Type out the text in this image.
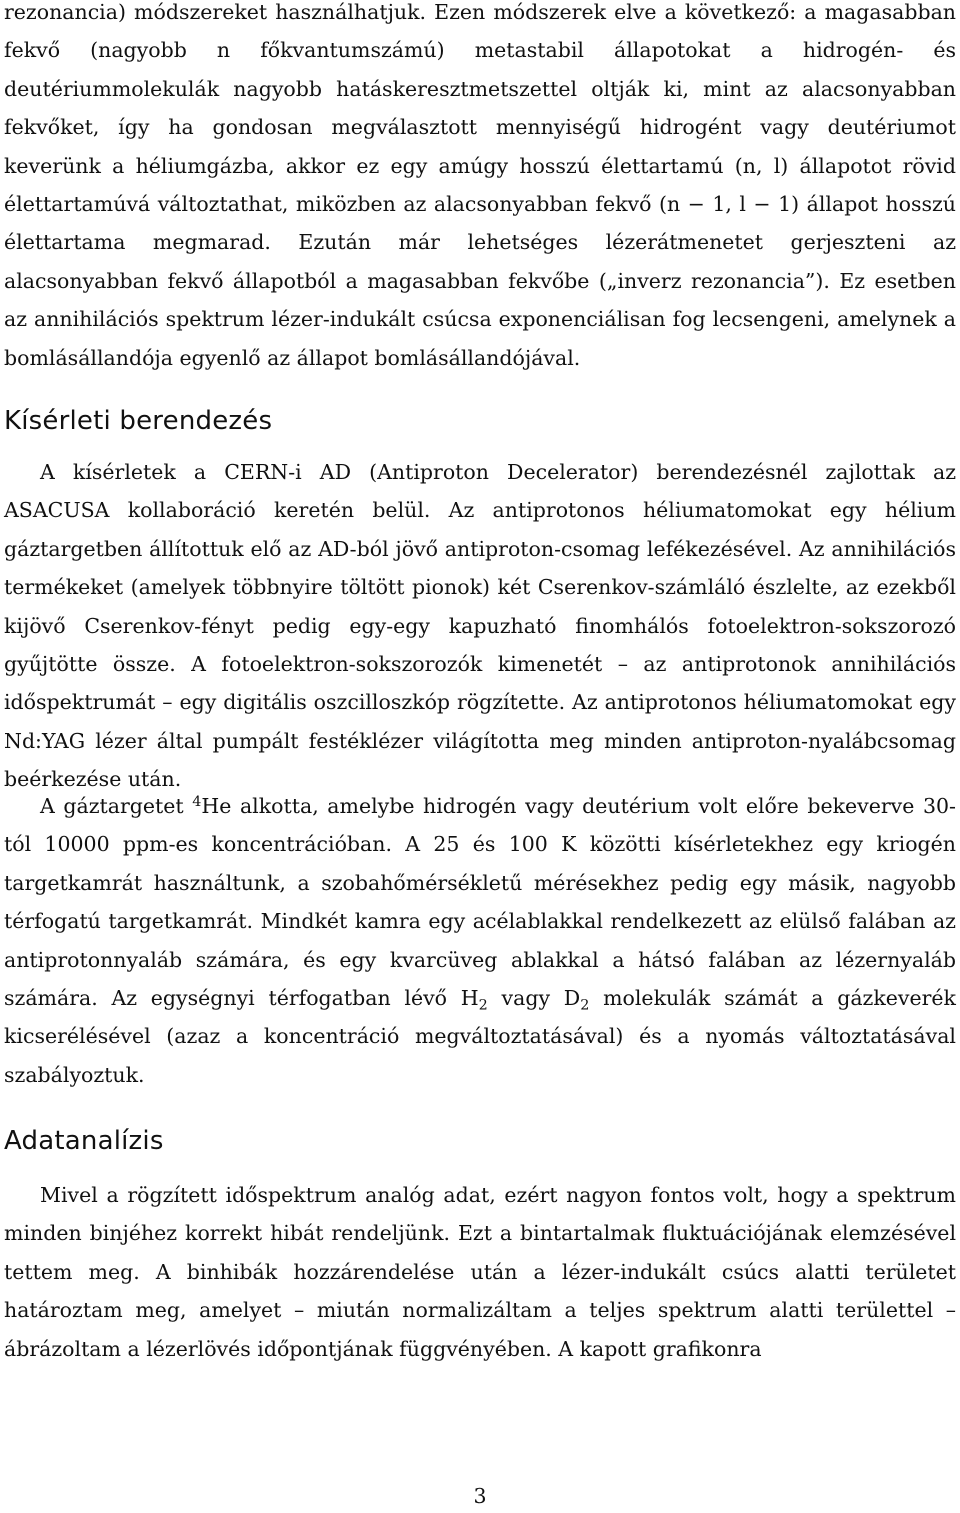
rezonancia) módszereket használhatjuk. Ezen módszerek elve a következő: a magasabban fekvő (nagyobb n főkvantumszámú) metastabil állapotokat a hidrogén- és deutériummolekulák nagyobb hatáskeresztmetszettel oltják ki, mint az alacsonyabban fekvőket, így ha gondosan megválasztott mennyiségű hidrogént vagy deutériumot keverünk a héliumgázba, akkor ez egy amúgy hosszú élettartamú (n, l) állapotot rövid élettartamúvá változtathat, miközben az alacsonyabban fekvő (n − 1, l − 1) állapot hosszú élettartama megmarad. Ezután már lehetséges lézerátmenetet gerjeszteni az alacsonyabban fekvő állapotból a magasabban fekvőbe („inverz rezonancia”). Ez esetben az annihilációs spektrum lézer-indukált csúcsa exponenciálisan fog lecsengeni, amelynek a bomlásállandója egyenlő az állapot bomlásállandójával.

Kísérleti berendezés

A kísérletek a CERN-i AD (Antiproton Decelerator) berendezésnél zajlottak az ASACUSA kollaboráció keretén belül. Az antiprotonos héliumatomokat egy hélium gáztargetben állítottuk elő az AD-ból jövő antiproton-csomag lefékezésével. Az annihilációs termékeket (amelyek többnyire töltött pionok) két Cserenkov-számláló észlelte, az ezekből kijövő Cserenkov-fényt pedig egy-egy kapuzható finomhálós fotoelektron-sokszorozó gyűjtötte össze. A fotoelektron-sokszorozók kimenetét – az antiprotonok annihilációs időspektrumát – egy digitális oszcilloszkóp rögzítette. Az antiprotonos héliumatomokat egy Nd:YAG lézer által pumpált festéklézer világította meg minden antiproton-nyalábcsomag beérkezése után.

A gáztargetet $^4$He alkotta, amelybe hidrogén vagy deutérium volt előre bekeverve 30-tól 10000 ppm-es koncentrációban. A 25 és 100 K közötti kísérletekhez egy kriogén targetkamrát használtunk, a szobahőmérsékletű mérésekhez pedig egy másik, nagyobb térfogatú targetkamrát. Mindkét kamra egy acélablakkal rendelkezett az elülső falában az antiprotonnyaláb számára, és egy kvarcüveg ablakkal a hátsó falában az lézernyaláb számára. Az egységnyi térfogatban lévő $H_2$ vagy $D_2$ molekulák számát a gázkeverék kicserélésével (azaz a koncentráció megváltoztatásával) és a nyomás változtatásával szabályoztuk.

Adatanalízis

Mivel a rögzített időspektrum analóg adat, ezért nagyon fontos volt, hogy a spektrum minden binjéhez korrekt hibát rendeljünk. Ezt a bintartalmak fluktuációjának elemzésével tettem meg. A binhibák hozzárendelése után a lézer-indukált csúcs alatti területet határoztam meg, amelyet – miután normalizáltam a teljes spektrum alatti területtel – ábrázoltam a lézerlövés időpontjának függvényében. A kapott grafikonra

3
